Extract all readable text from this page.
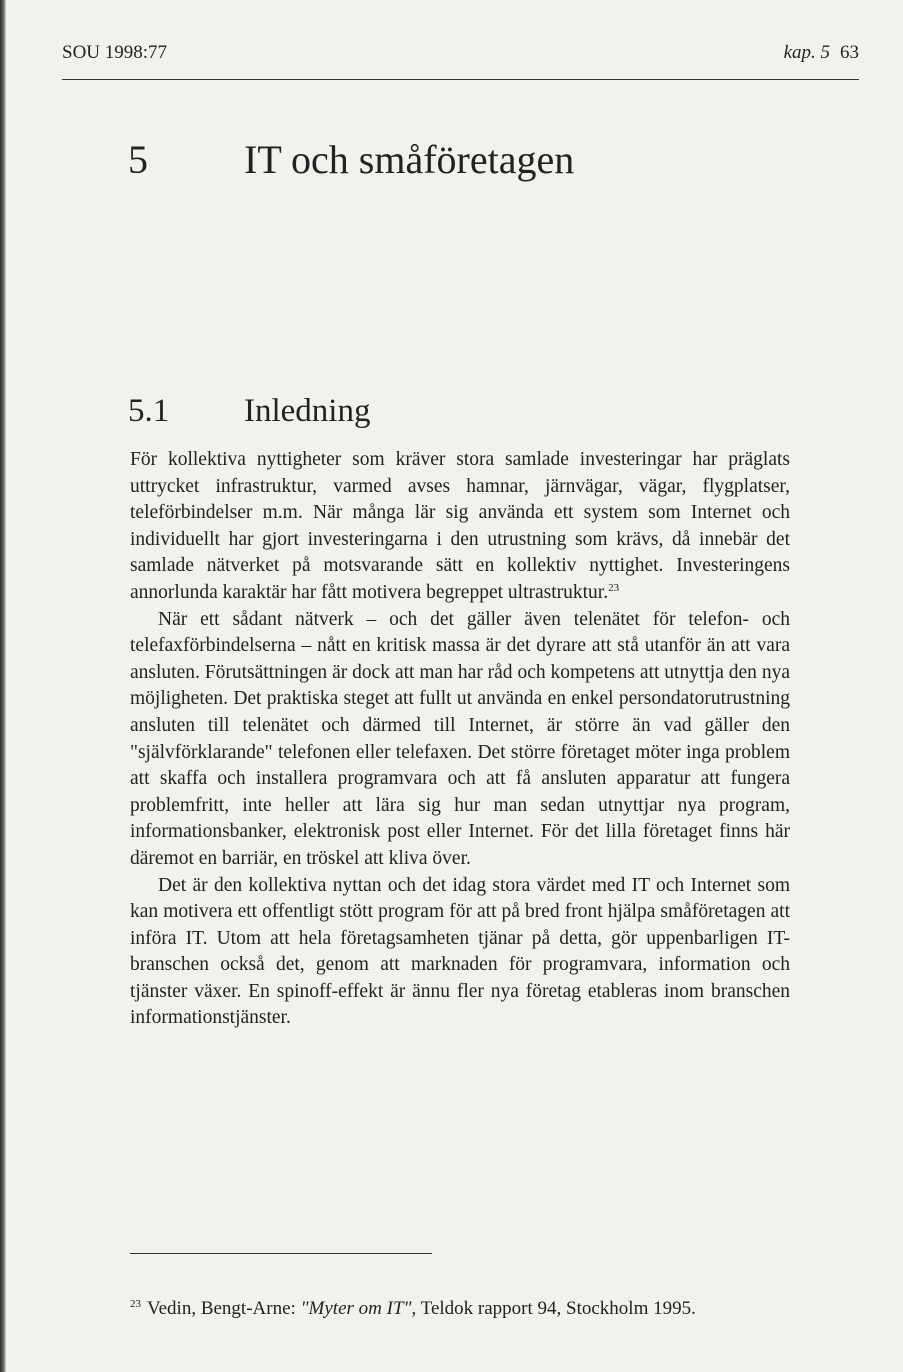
SOU 1998:77	kap. 5 63
5 IT och småföretagen
5.1 Inledning

För kollektiva nyttigheter som kräver stora samlade investeringar har präglats uttrycket infrastruktur, varmed avses hamnar, järnvägar, vägar, flygplatser, teleförbindelser m.m. När många lär sig använda ett system som Internet och individuellt har gjort investeringarna i den utrustning som krävs, då innebär det samlade nätverket på motsvarande sätt en kollektiv nyttighet. Investeringens annorlunda karaktär har fått motivera begreppet ultrastruktur.$^{23}$

När ett sådant nätverk – och det gäller även telenätet för telefon- och telefaxförbindelserna – nått en kritisk massa är det dyrare att stå utanför än att vara ansluten. Förutsättningen är dock att man har råd och kompetens att utnyttja den nya möjligheten. Det praktiska steget att fullt ut använda en enkel persondatorutrustning ansluten till telenätet och därmed till Internet, är större än vad gäller den "självförklarande" telefonen eller telefaxen. Det större företaget möter inga problem att skaffa och installera programvara och att få ansluten apparatur att fungera problemfritt, inte heller att lära sig hur man sedan utnyttjar nya program, informationsbanker, elektronisk post eller Internet. För det lilla företaget finns här däremot en barriär, en tröskel att kliva över.

Det är den kollektiva nyttan och det idag stora värdet med IT och Internet som kan motivera ett offentligt stött program för att på bred front hjälpa småföretagen att införa IT. Utom att hela företagsamheten tjänar på detta, gör uppenbarligen IT-branschen också det, genom att marknaden för programvara, information och tjänster växer. En spinoff-effekt är ännu fler nya företag etableras inom branschen informationstjänster.

$^{23}$ Vedin, Bengt-Arne: "Myter om IT", Teldok rapport 94, Stockholm 1995.
